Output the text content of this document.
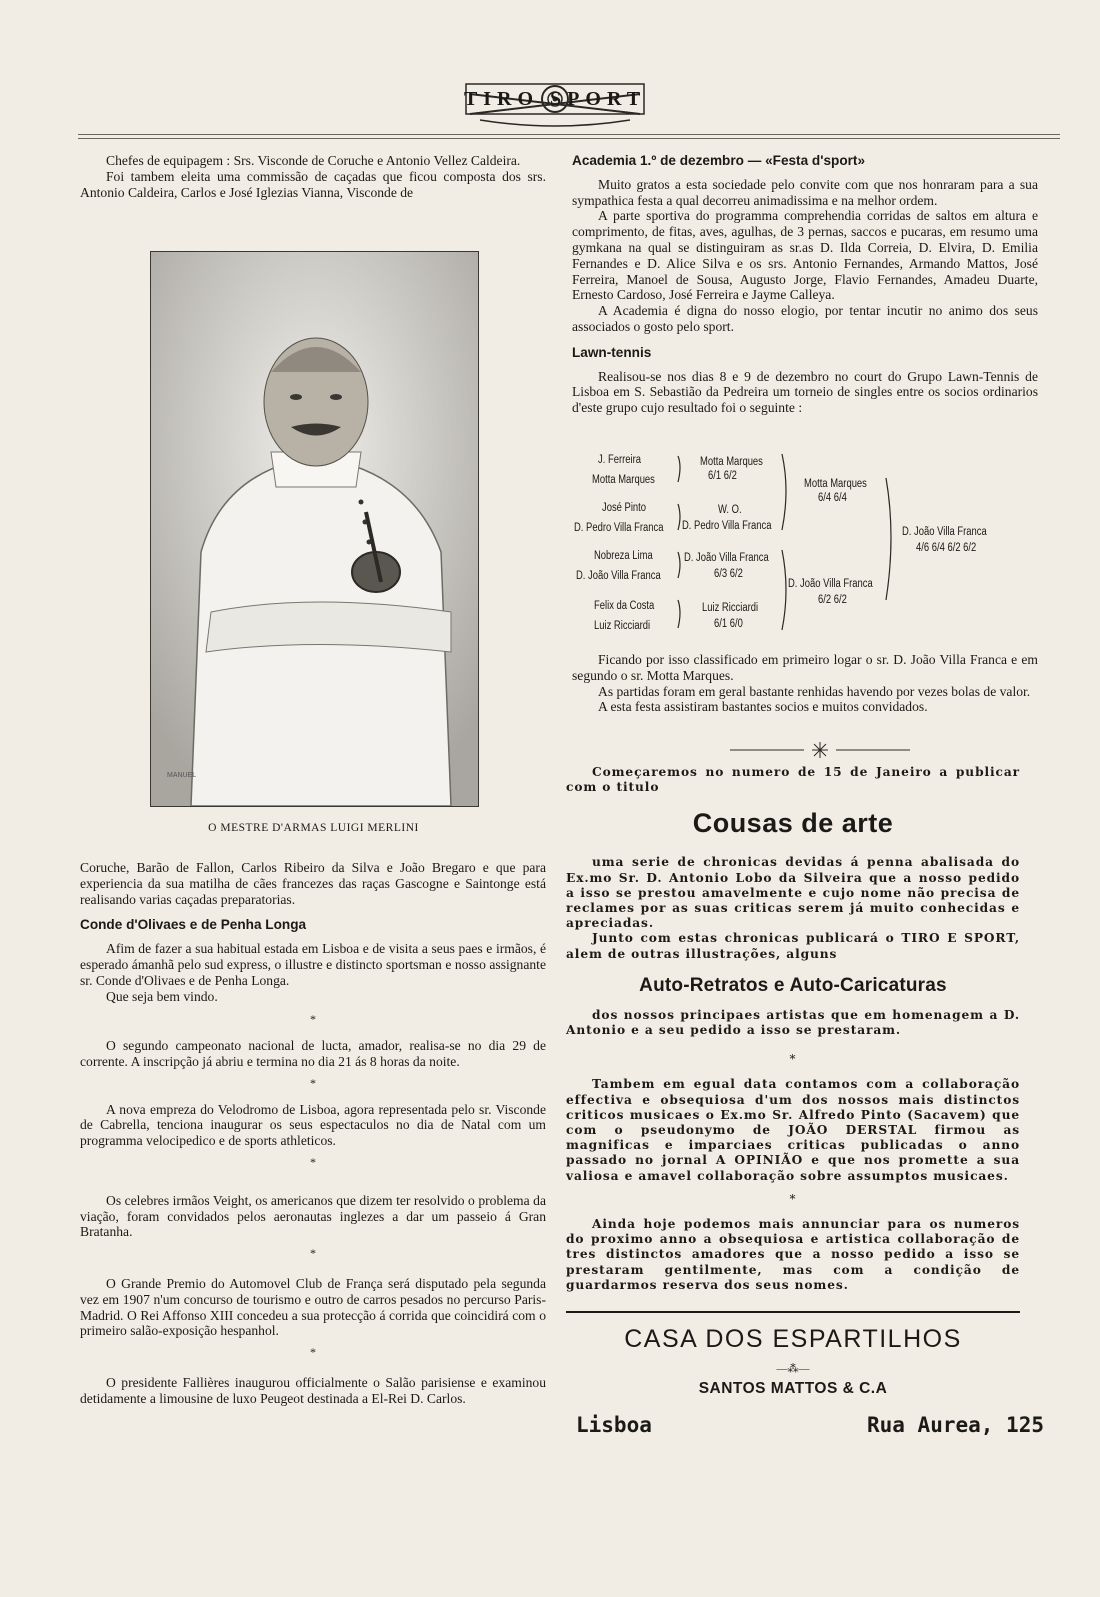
TIRO SPORT

Chefes de equipagem : Srs. Visconde de Coruche e Antonio Vellez Caldeira.

Foi tambem eleita uma commissão de caçadas que ficou composta dos srs. Antonio Caldeira, Carlos e José Iglezias Vianna, Visconde de

MANUEL
O MESTRE D'ARMAS LUIGI MERLINI

Coruche, Barão de Fallon, Carlos Ribeiro da Silva e João Bregaro e que para experiencia da sua matilha de cães francezes das raças Gascogne e Saintonge está realisando varias caçadas preparatorias.

Conde d'Olivaes e de Penha Longa

Afim de fazer a sua habitual estada em Lisboa e de visita a seus paes e irmãos, é esperado ámanhã pelo sud express, o illustre e distincto sportsman e nosso assignante sr. Conde d'Olivaes e de Penha Longa.

Que seja bem vindo.

*

O segundo campeonato nacional de lucta, amador, realisa-se no dia 29 de corrente. A inscripção já abriu e termina no dia 21 ás 8 horas da noite.

*

A nova empreza do Velodromo de Lisboa, agora representada pelo sr. Visconde de Cabrella, tenciona inaugurar os seus espectaculos no dia de Natal com um programma velocipedico e de sports athleticos.

*

Os celebres irmãos Veight, os americanos que dizem ter resolvido o problema da viação, foram convidados pelos aeronautas inglezes a dar um passeio á Gran Bratanha.

*

O Grande Premio do Automovel Club de França será disputado pela segunda vez em 1907 n'um concurso de tourismo e outro de carros pesados no percurso Paris-Madrid. O Rei Affonso XIII concedeu a sua protecção á corrida que coincidirá com o primeiro salão-exposição hespanhol.

*

O presidente Fallières inaugurou officialmente o Salão parisiense e examinou detidamente a limousine de luxo Peugeot destinada a El-Rei D. Carlos.

Academia 1.º de dezembro — «Festa d'sport»

Muito gratos a esta sociedade pelo convite com que nos honraram para a sua sympathica festa a qual decorreu animadissima e na melhor ordem.

A parte sportiva do programma comprehendia corridas de saltos em altura e comprimento, de fitas, aves, agulhas, de 3 pernas, saccos e pucaras, em resumo uma gymkana na qual se distinguiram as sr.as D. Ilda Correia, D. Elvira, D. Emilia Fernandes e D. Alice Silva e os srs. Antonio Fernandes, Armando Mattos, José Ferreira, Manoel de Sousa, Augusto Jorge, Flavio Fernandes, Amadeu Duarte, Ernesto Cardoso, José Ferreira e Jayme Calleya.

A Academia é digna do nosso elogio, por tentar incutir no animo dos seus associados o gosto pelo sport.

Lawn-tennis

Realisou-se nos dias 8 e 9 de dezembro no court do Grupo Lawn-Tennis de Lisboa em S. Sebastião da Pedreira um torneio de singles entre os socios ordinarios d'este grupo cujo resultado foi o seguinte :

J. Ferreira
Motta Marques
José Pinto
D. Pedro Villa Franca
Nobreza Lima
D. João Villa Franca
Felix da Costa
Luiz Ricciardi
Motta Marques
6/1 6/2
W. O.
D. Pedro Villa Franca
D. João Villa Franca
6/3 6/2
Luiz Ricciardi
6/1 6/0
Motta Marques
6/4 6/4
D. João Villa Franca
6/2 6/2
D. João Villa Franca
4/6 6/4 6/2 6/2

Ficando por isso classificado em primeiro logar o sr. D. João Villa Franca e em segundo o sr. Motta Marques.

As partidas foram em geral bastante renhidas havendo por vezes bolas de valor.

A esta festa assistiram bastantes socios e muitos convidados.

Começaremos no numero de 15 de Janeiro a publicar com o titulo

Cousas de arte

uma serie de chronicas devidas á penna abalisada do Ex.mo Sr. D. Antonio Lobo da Silveira que a nosso pedido a isso se prestou amavelmente e cujo nome não precisa de reclames por as suas criticas serem já muito conhecidas e apreciadas.

Junto com estas chronicas publicará o TIRO E SPORT, alem de outras illustrações, alguns

Auto-Retratos e Auto-Caricaturas

dos nossos principaes artistas que em homenagem a D. Antonio e a seu pedido a isso se prestaram.

*

Tambem em egual data contamos com a collaboração effectiva e obsequiosa d'um dos nossos mais distinctos criticos musicaes o Ex.mo Sr. Alfredo Pinto (Sacavem) que com o pseudonymo de JOÃO DERSTAL firmou as magnificas e imparciaes criticas publicadas o anno passado no jornal A OPINIÃO e que nos promette a sua valiosa e amavel collaboração sobre assumptos musicaes.

*

Ainda hoje podemos mais annunciar para os numeros do proximo anno a obsequiosa e artistica collaboração de tres distinctos amadores que a nosso pedido a isso se prestaram gentilmente, mas com a condição de guardarmos reserva dos seus nomes.

CASA DOS ESPARTILHOS
—⁂—
SANTOS MATTOS & C.A
Lisboa	Rua Aurea, 125
